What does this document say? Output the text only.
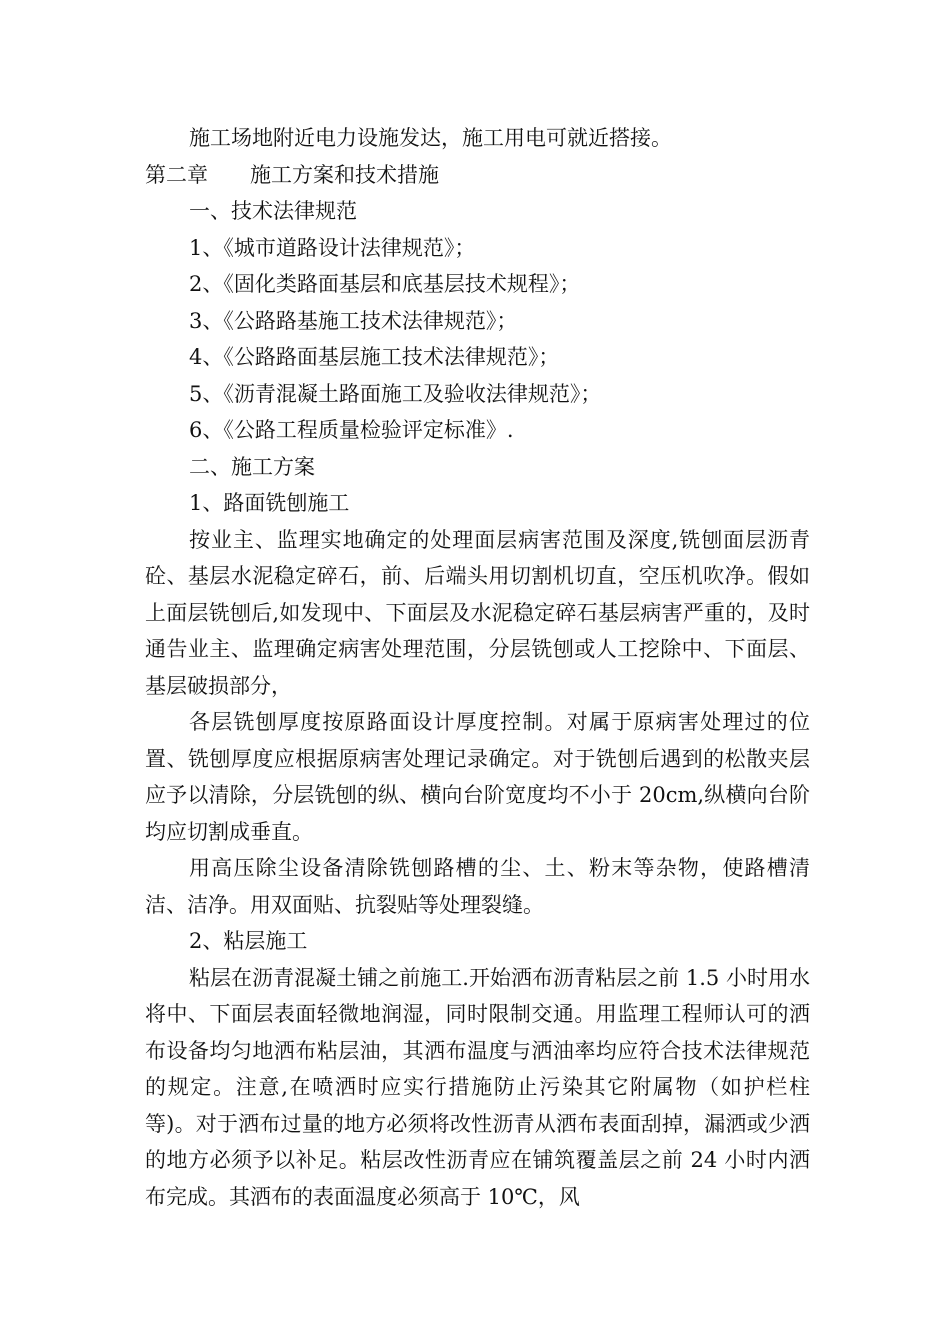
施工场地附近电力设施发达，施工用电可就近搭接。

第二章　　施工方案和技术措施

一、技术法律规范

1、《城市道路设计法律规范》；

2、《固化类路面基层和底基层技术规程》；

3、《公路路基施工技术法律规范》；

4、《公路路面基层施工技术法律规范》；

5、《沥青混凝土路面施工及验收法律规范》；

6、《公路工程质量检验评定标准》.

二、施工方案

1、路面铣刨施工

按业主、监理实地确定的处理面层病害范围及深度,铣刨面层沥青砼、基层水泥稳定碎石，前、后端头用切割机切直，空压机吹净。假如上面层铣刨后,如发现中、下面层及水泥稳定碎石基层病害严重的，及时通告业主、监理确定病害处理范围，分层铣刨或人工挖除中、下面层、基层破损部分，

各层铣刨厚度按原路面设计厚度控制。对属于原病害处理过的位置、铣刨厚度应根据原病害处理记录确定。对于铣刨后遇到的松散夹层应予以清除，分层铣刨的纵、横向台阶宽度均不小于 20cm,纵横向台阶均应切割成垂直。

用高压除尘设备清除铣刨路槽的尘、土、粉末等杂物，使路槽清洁、洁净。用双面贴、抗裂贴等处理裂缝。

2、粘层施工

粘层在沥青混凝土铺之前施工.开始洒布沥青粘层之前 1.5 小时用水将中、下面层表面轻微地润湿，同时限制交通。用监理工程师认可的洒布设备均匀地洒布粘层油，其洒布温度与洒油率均应符合技术法律规范的规定。注意,在喷洒时应实行措施防止污染其它附属物（如护栏柱等)。对于洒布过量的地方必须将改性沥青从洒布表面刮掉，漏洒或少洒的地方必须予以补足。粘层改性沥青应在铺筑覆盖层之前 24 小时内洒布完成。其洒布的表面温度必须高于 10℃，风
